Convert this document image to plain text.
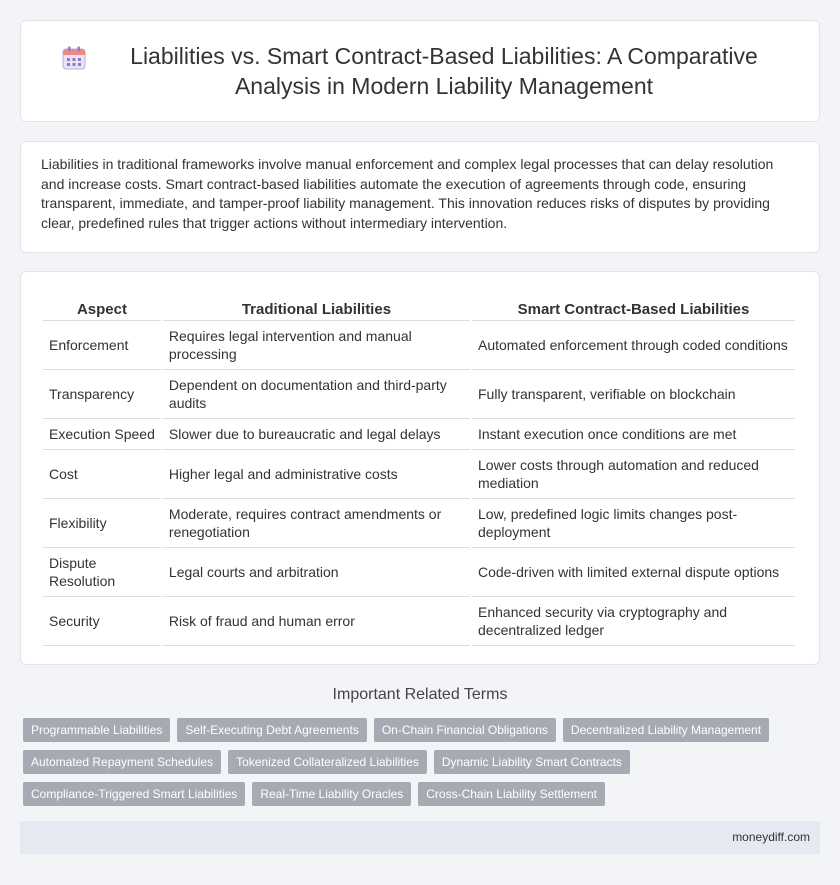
Liabilities vs. Smart Contract-Based Liabilities: A Comparative Analysis in Modern Liability Management

Liabilities in traditional frameworks involve manual enforcement and complex legal processes that can delay resolution and increase costs. Smart contract-based liabilities automate the execution of agreements through code, ensuring transparent, immediate, and tamper-proof liability management. This innovation reduces risks of disputes by providing clear, predefined rules that trigger actions without intermediary intervention.

Aspect	Traditional Liabilities	Smart Contract-Based Liabilities
Enforcement	Requires legal intervention and manual processing	Automated enforcement through coded conditions
Transparency	Dependent on documentation and third-party audits	Fully transparent, verifiable on blockchain
Execution Speed	Slower due to bureaucratic and legal delays	Instant execution once conditions are met
Cost	Higher legal and administrative costs	Lower costs through automation and reduced mediation
Flexibility	Moderate, requires contract amendments or renegotiation	Low, predefined logic limits changes post-deployment
Dispute Resolution	Legal courts and arbitration	Code-driven with limited external dispute options
Security	Risk of fraud and human error	Enhanced security via cryptography and decentralized ledger
Important Related Terms
Programmable Liabilities	Self-Executing Debt Agreements	On-Chain Financial Obligations	Decentralized Liability Management
Automated Repayment Schedules	Tokenized Collateralized Liabilities	Dynamic Liability Smart Contracts
Compliance-Triggered Smart Liabilities	Real-Time Liability Oracles	Cross-Chain Liability Settlement
moneydiff.com
